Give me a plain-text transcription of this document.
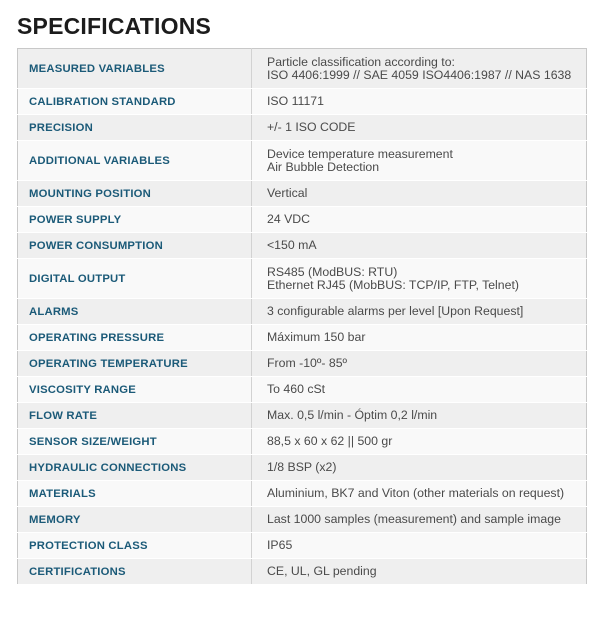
SPECIFICATIONS
MEASURED VARIABLES	Particle classification according to:
ISO 4406:1999 // SAE 4059 ISO4406:1987 // NAS 1638

CALIBRATION STANDARD	ISO 11171

PRECISION	+/- 1 ISO CODE

ADDITIONAL VARIABLES	Device temperature measurement
Air Bubble Detection

MOUNTING POSITION	Vertical

POWER SUPPLY	24 VDC

POWER CONSUMPTION	<150 mA

DIGITAL OUTPUT	RS485 (ModBUS: RTU)
Ethernet RJ45 (MobBUS: TCP/IP, FTP, Telnet)

ALARMS	3 configurable alarms per level [Upon Request]

OPERATING PRESSURE	Máximum 150 bar

OPERATING TEMPERATURE	From -10º- 85º

VISCOSITY RANGE	To 460 cSt

FLOW RATE	Max. 0,5 l/min - Óptim 0,2 l/min

SENSOR SIZE/WEIGHT	88,5 x 60 x 62 || 500 gr

HYDRAULIC CONNECTIONS	1/8 BSP (x2)

MATERIALS	Aluminium, BK7 and Viton (other materials on request)

MEMORY	Last 1000 samples (measurement) and sample image

PROTECTION CLASS	IP65

CERTIFICATIONS	CE, UL, GL pending
